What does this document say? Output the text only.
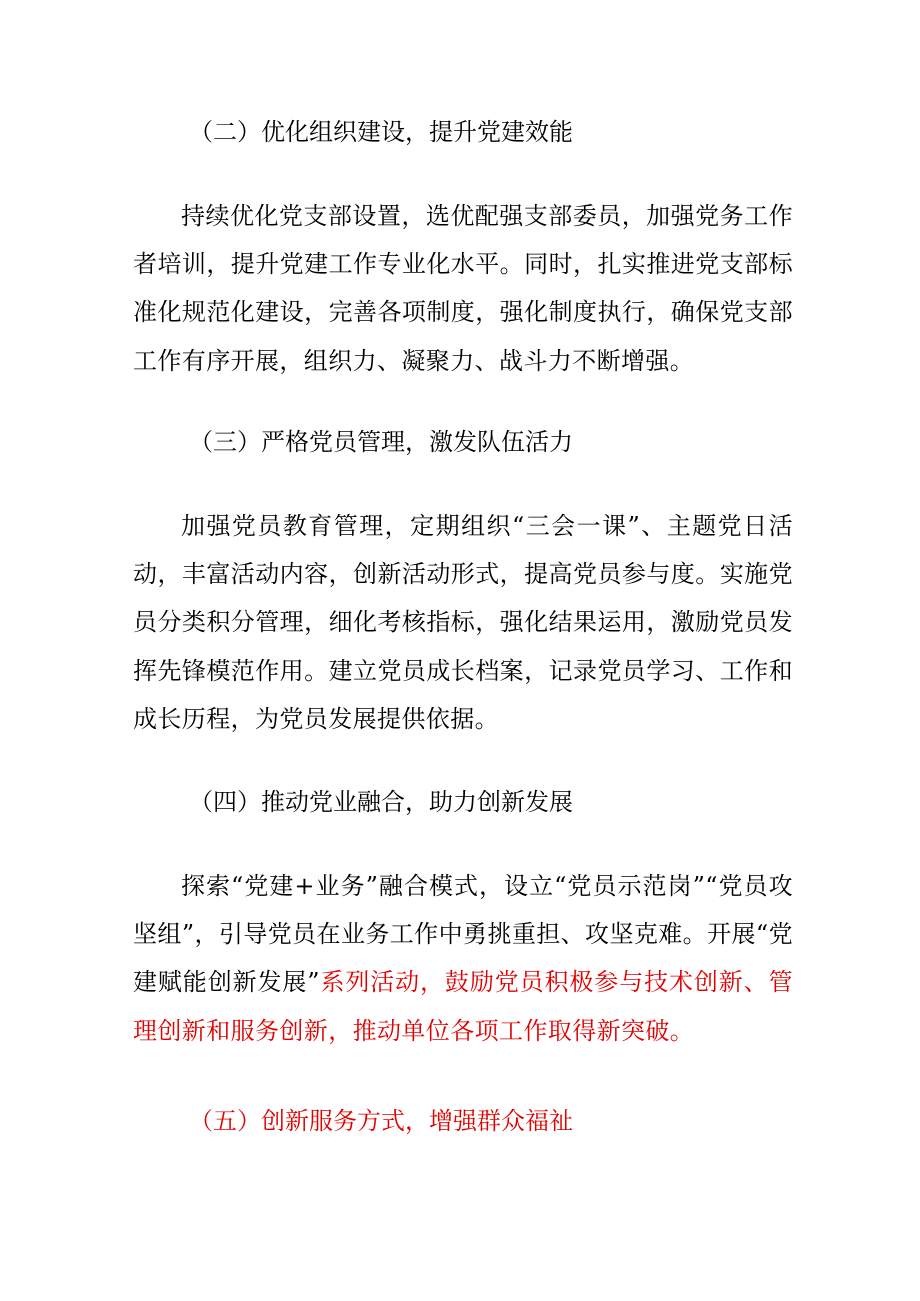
（二）优化组织建设，提升党建效能
持续优化党支部设置，选优配强支部委员，加强党务工作者培训，提升党建工作专业化水平。同时，扎实推进党支部标准化规范化建设，完善各项制度，强化制度执行，确保党支部工作有序开展，组织力、凝聚力、战斗力不断增强。
（三）严格党员管理，激发队伍活力
加强党员教育管理，定期组织“三会一课”、主题党日活动，丰富活动内容，创新活动形式，提高党员参与度。实施党员分类积分管理，细化考核指标，强化结果运用，激励党员发挥先锋模范作用。建立党员成长档案，记录党员学习、工作和成长历程，为党员发展提供依据。
（四）推动党业融合，助力创新发展
探索“党建+业务”融合模式，设立“党员示范岗”“党员攻坚组”，引导党员在业务工作中勇挑重担、攻坚克难。开展“党建赋能创新发展”系列活动，鼓励党员积极参与技术创新、管理创新和服务创新，推动单位各项工作取得新突破。
（五）创新服务方式，增强群众福祉
